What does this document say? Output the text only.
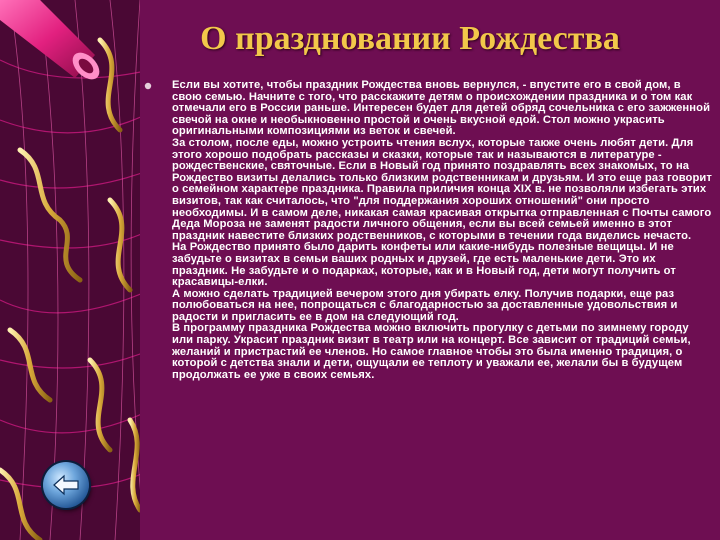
О праздновании Рождества

Если вы хотите, чтобы праздник Рождества вновь вернулся, - впустите его в свой дом, в свою семью. Начните с того, что расскажите детям о происхождении праздника и о том как отмечали его в России раньше. Интересен будет для детей обряд сочельника с его зажженной свечой на окне и необыкновенно простой и очень вкусной едой. Стол можно украсить оригинальными композициями из веток и свечей.

За столом, после еды, можно устроить чтения вслух, которые также очень любят дети. Для этого хорошо подобрать рассказы и сказки, которые так и называются в литературе - рождественские, святочные. Если в Новый год принято поздравлять всех знакомых, то на Рождество визиты делались только близким родственникам и друзьям. И это еще раз говорит о семейном характере праздника. Правила приличия конца XIX в. не позволяли избегать этих визитов, так как считалось, что "для поддержания хороших отношений" они просто необходимы. И в самом деле, никакая самая красивая открытка отправленная с Почты самого Деда Мороза не заменят радости личного общения, если вы всей семьей именно в этот праздник навестите близких родственников, с которыми в течении года виделись нечасто.

На Рождество принято было дарить конфеты или какие-нибудь полезные вещицы. И не забудьте о визитах в семьи ваших родных и друзей, где есть маленькие дети. Это их праздник. Не забудьте и о подарках, которые, как и в Новый год, дети могут получить от красавицы-елки.

А можно сделать традицией вечером этого дня убирать елку. Получив подарки, еще раз полюбоваться на нее, попрощаться с благодарностью за доставленные удовольствия и радости и пригласить ее в дом на следующий год.

В программу праздника Рождества можно включить прогулку с детьми по зимнему городу или парку. Украсит праздник визит в театр или на концерт. Все зависит от традиций семьи, желаний и пристрастий ее членов. Но самое главное чтобы это была именно традиция, о которой с детства знали и дети, ощущали ее теплоту и уважали ее, желали бы в будущем продолжать ее уже в своих семьях.
